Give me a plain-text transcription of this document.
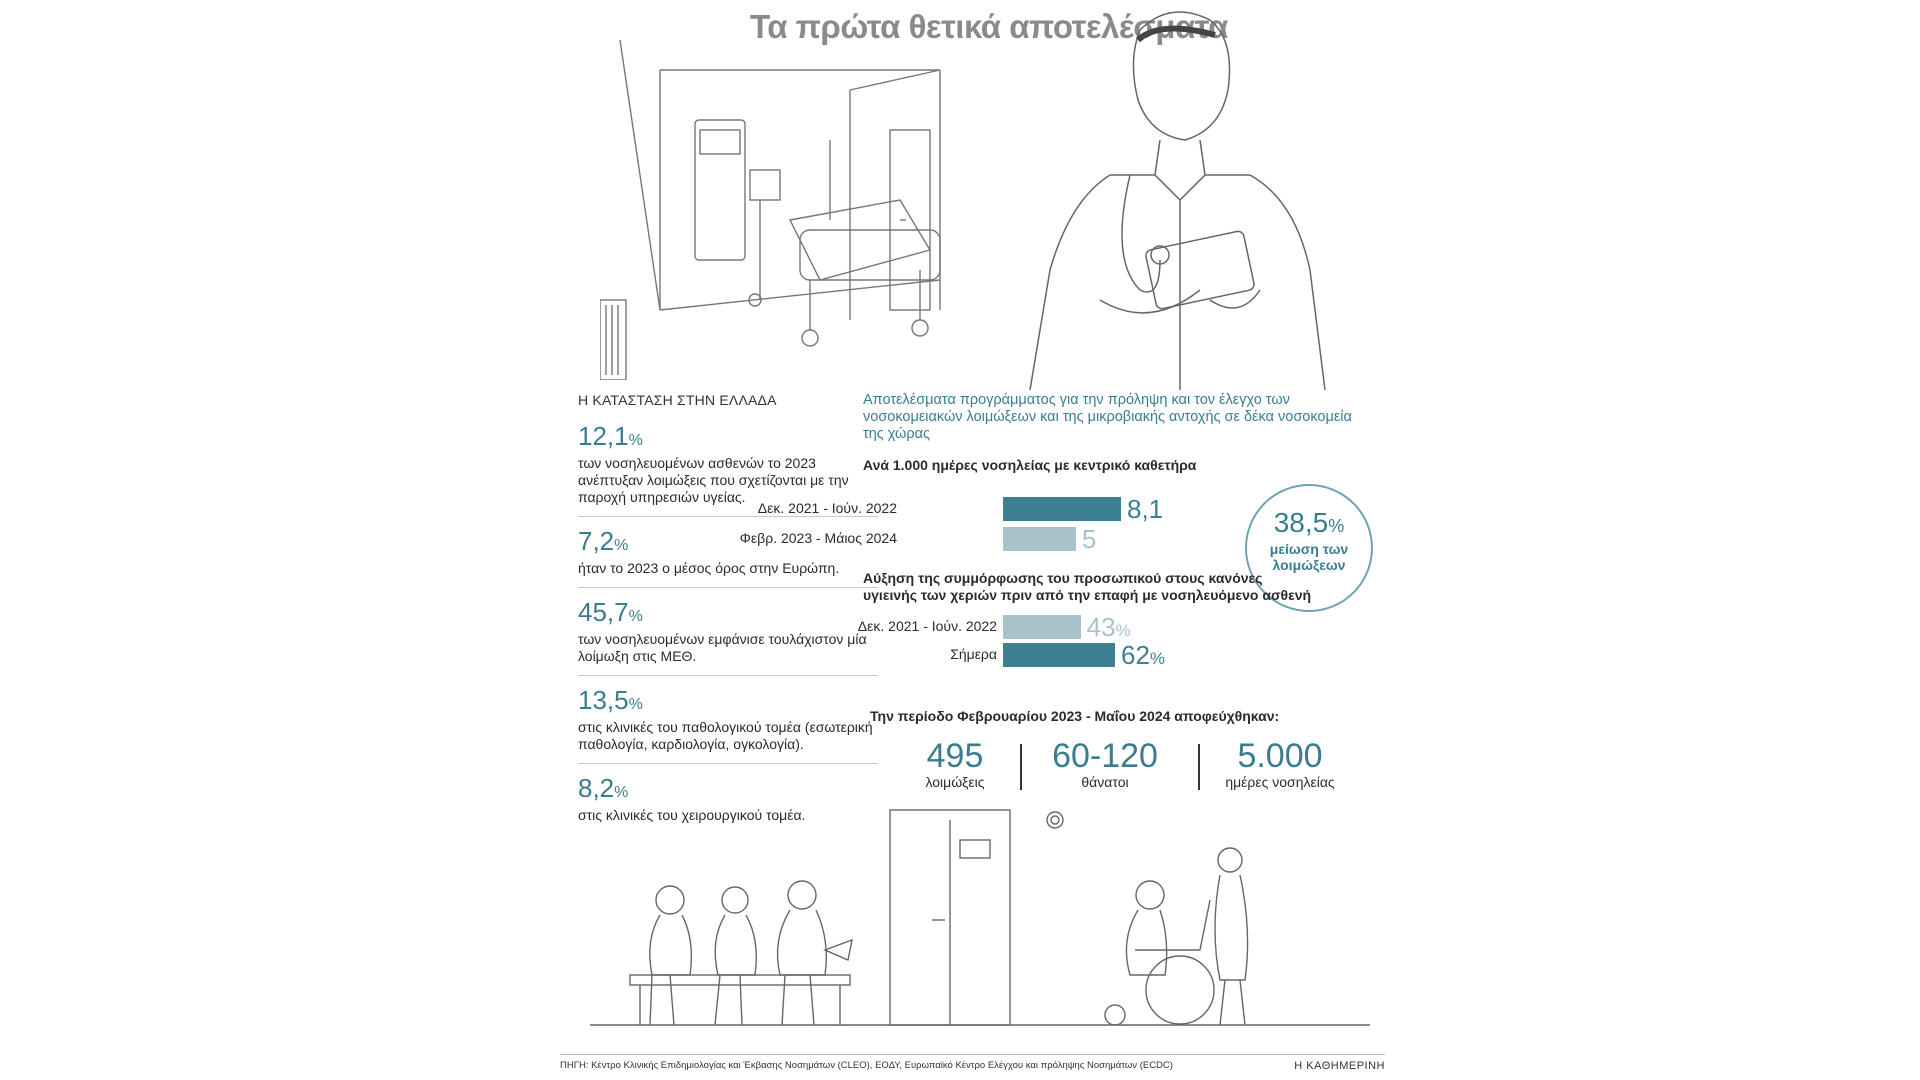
Τα πρώτα θετικά αποτελέσματα
Η ΚΑΤΑΣΤΑΣΗ ΣΤΗΝ ΕΛΛΑΔΑ
12,1%
των νοσηλευομένων ασθενών το 2023 ανέπτυξαν λοιμώξεις που σχετίζονται με την παροχή υπηρεσιών υγείας.
7,2%
ήταν το 2023 ο μέσος όρος στην Ευρώπη.
45,7%
των νοσηλευομένων εμφάνισε τουλάχιστον μία λοίμωξη στις ΜΕΘ.
13,5%
στις κλινικές του παθολογικού τομέα (εσωτερική παθολογία, καρδιολογία, ογκολογία).
8,2%
στις κλινικές του χειρουργικού τομέα.
Αποτελέσματα προγράμματος για την πρόληψη και τον έλεγχο των νοσοκομειακών λοιμώξεων και της μικροβιακής αντοχής σε δέκα νοσοκομεία της χώρας
Ανά 1.000 ημέρες νοσηλείας με κεντρικό καθετήρα
Δεκ. 2021 - Ιούν. 2022	8,1
Φεβρ. 2023 - Μάιος 2024	5
38,5%
μείωση των
λοιμώξεων
Αύξηση της συμμόρφωσης του προσωπικού στους κανόνες
υγιεινής των χεριών πριν από την επαφή με νοσηλευόμενο ασθενή
Δεκ. 2021 - Ιούν. 2022	43%
Σήμερα	62%
Την περίοδο Φεβρουαρίου 2023 - Μαΐου 2024 αποφεύχθηκαν:
495
λοιμώξεις
60-120
θάνατοι
5.000
ημέρες νοσηλείας
ΠΗΓΗ: Κέντρο Κλινικής Επιδημιολογίας και Έκβασης Νοσημάτων (CLEO), ΕΟΔΥ, Ευρωπαϊκό Κέντρο Ελέγχου και πρόληψης Νοσημάτων (ECDC)	Η ΚΑΘΗΜΕΡΙΝΗ
